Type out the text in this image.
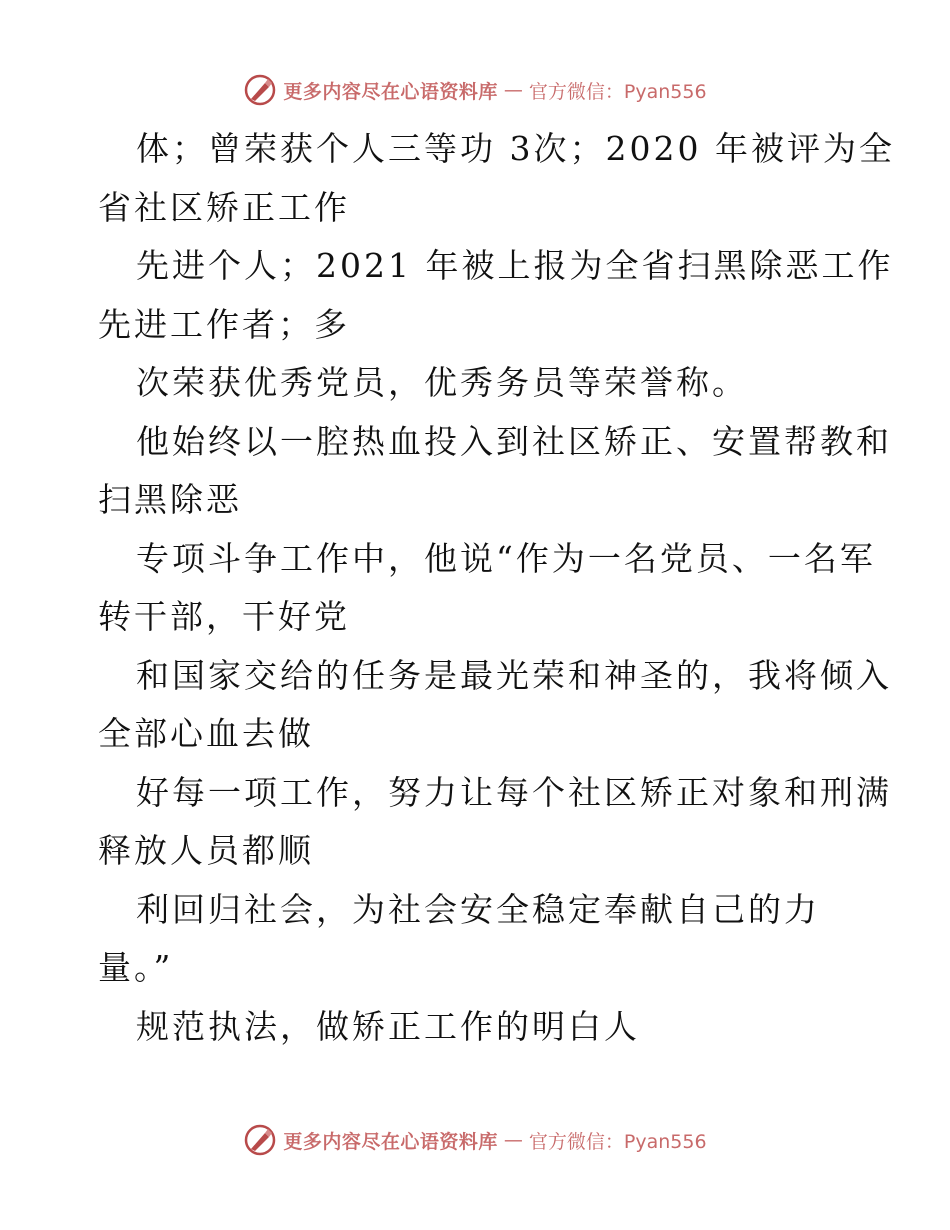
更多内容尽在心语资料库 — 官方微信：Pyan556
体；曾荣获个人三等功 3次；2020 年被评为全
省社区矫正工作
先进个人；2021 年被上报为全省扫黑除恶工作
先进工作者；多
次荣获优秀党员，优秀务员等荣誉称。
他始终以一腔热血投入到社区矫正、安置帮教和
扫黑除恶
专项斗争工作中，他说“作为一名党员、一名军
转干部，干好党
和国家交给的任务是最光荣和神圣的，我将倾入
全部心血去做
好每一项工作，努力让每个社区矫正对象和刑满
释放人员都顺
利回归社会，为社会安全稳定奉献自己的力
量。”
规范执法，做矫正工作的明白人
更多内容尽在心语资料库 — 官方微信：Pyan556
